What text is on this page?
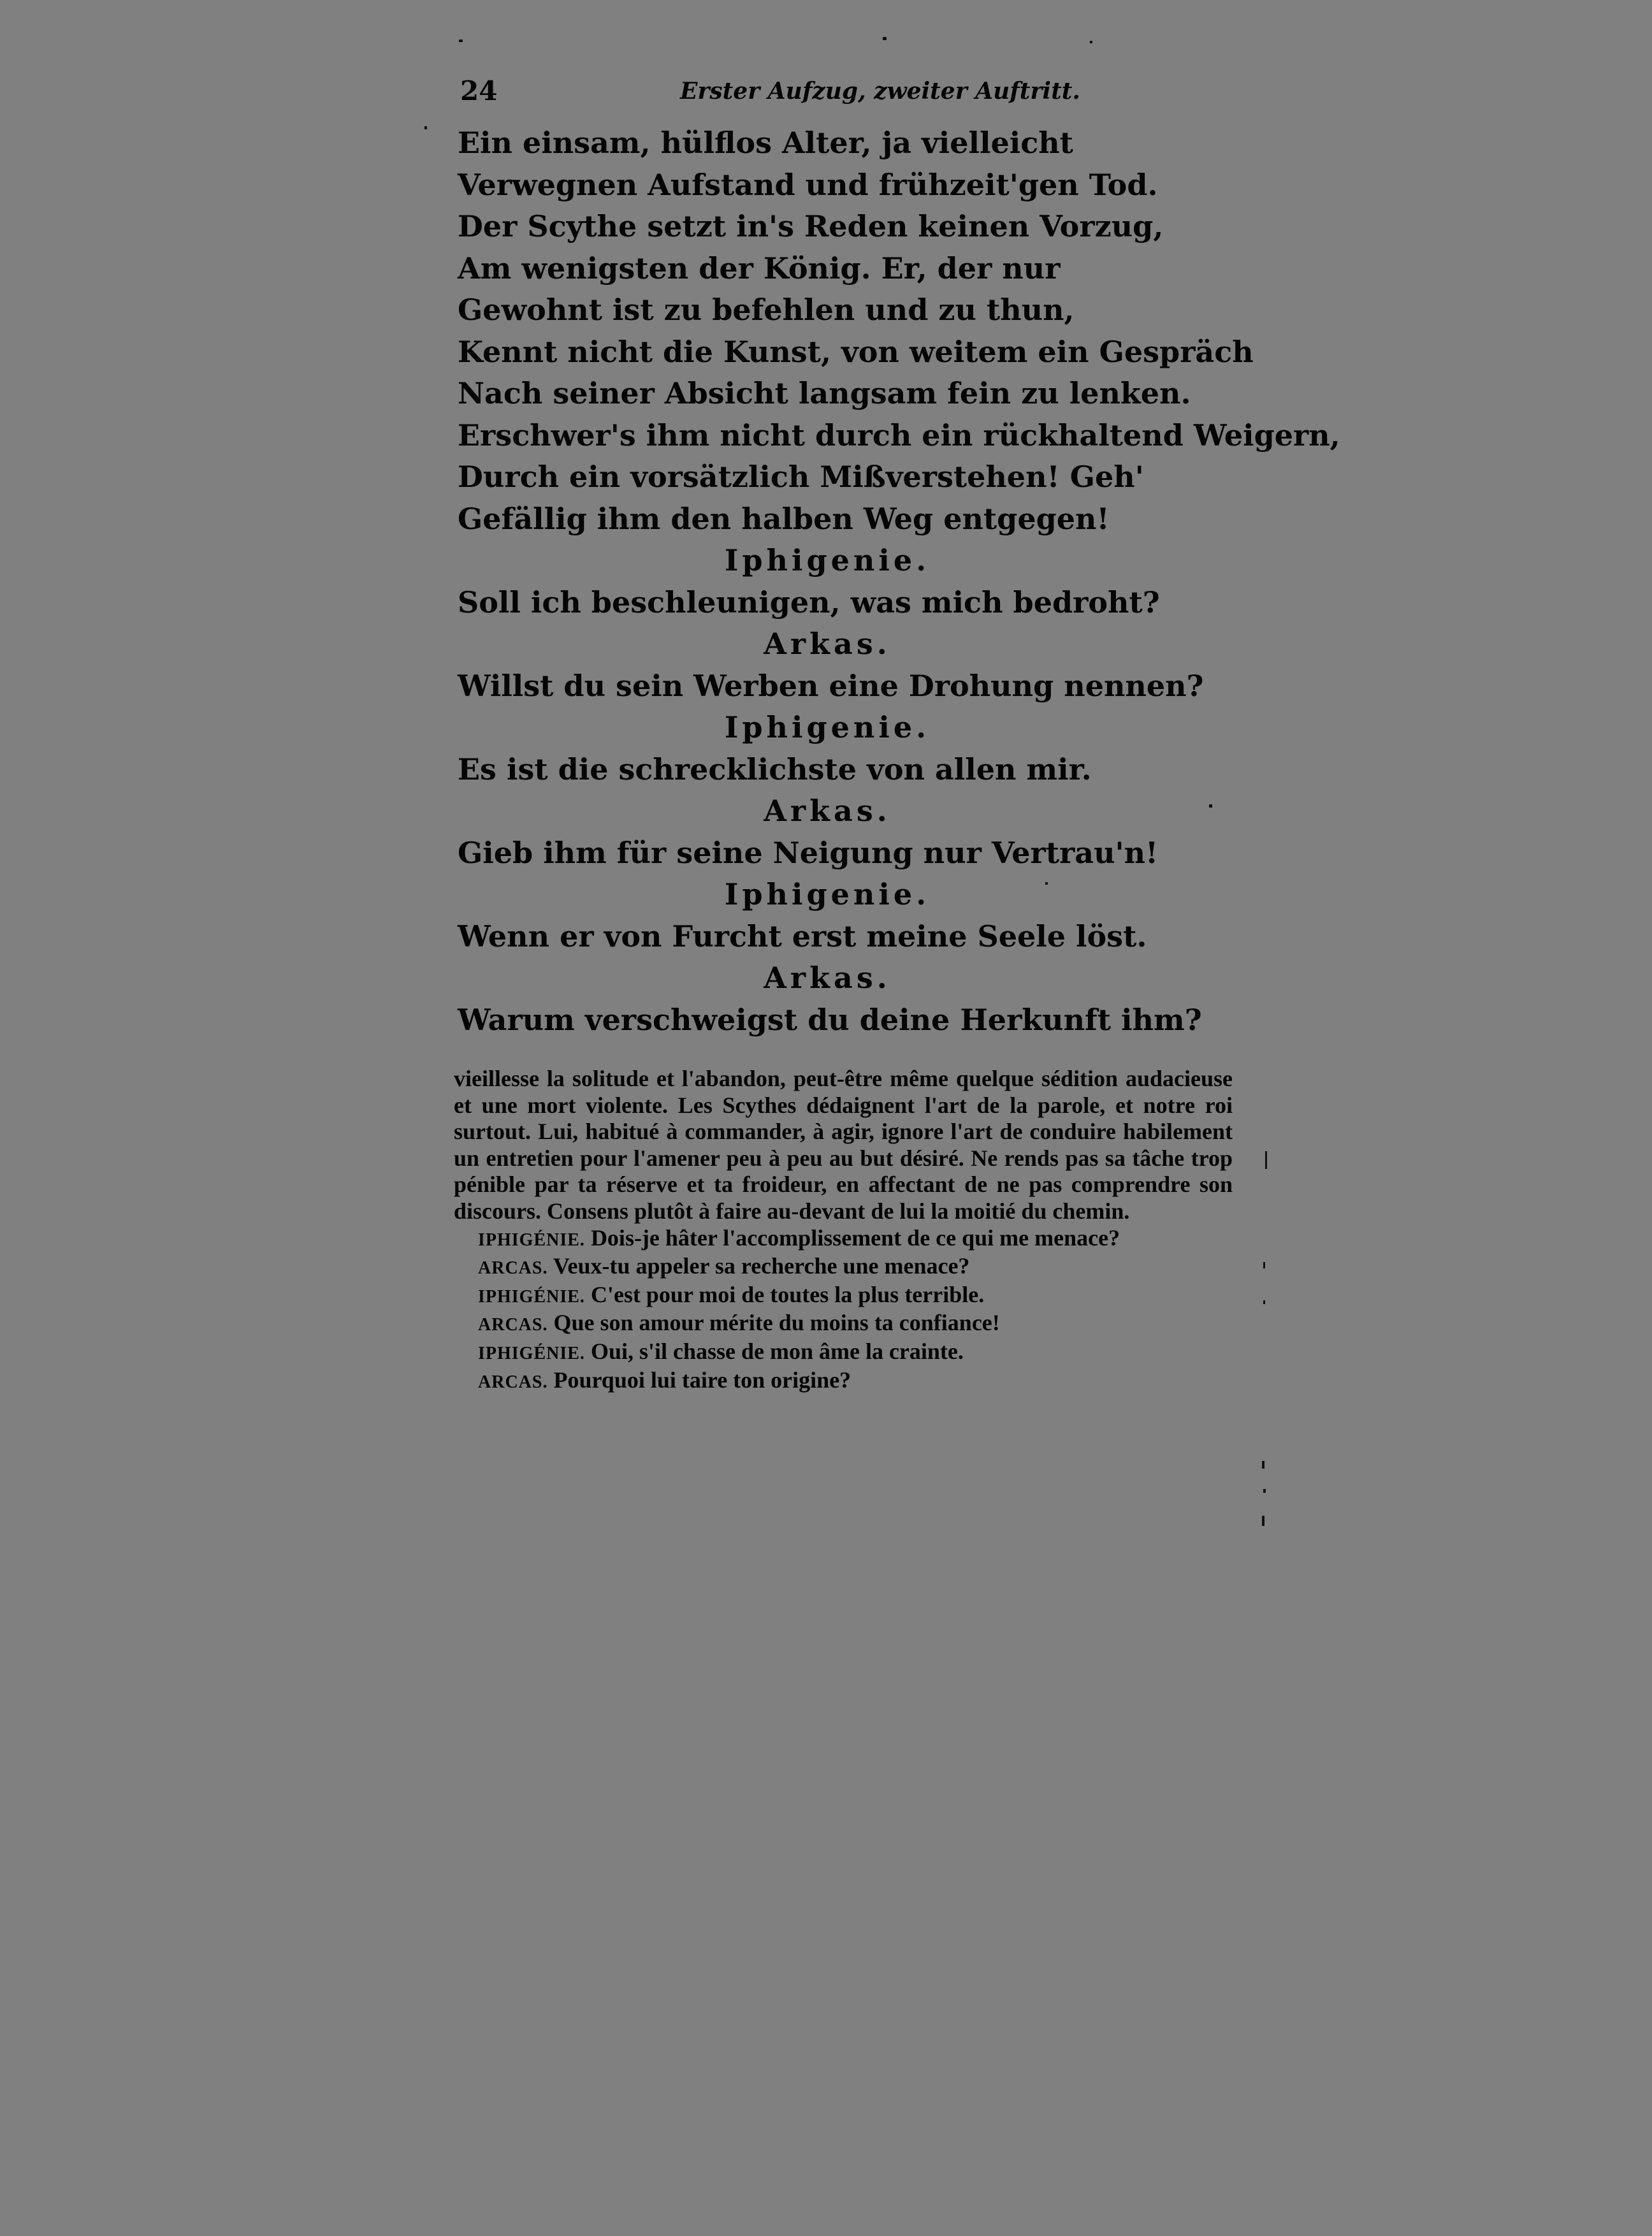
24	Erster Aufzug, zweiter Auftritt.
Ein einsam, hülflos Alter, ja vielleicht
Verwegnen Aufstand und frühzeit'gen Tod.
Der Scythe setzt in's Reden keinen Vorzug,
Am wenigsten der König. Er, der nur
Gewohnt ist zu befehlen und zu thun,
Kennt nicht die Kunst, von weitem ein Gespräch
Nach seiner Absicht langsam fein zu lenken.
Erschwer's ihm nicht durch ein rückhaltend Weigern,
Durch ein vorsätzlich Mißverstehen! Geh'
Gefällig ihm den halben Weg entgegen!
Iphigenie.
Soll ich beschleunigen, was mich bedroht?
Arkas.
Willst du sein Werben eine Drohung nennen?
Iphigenie.
Es ist die schrecklichste von allen mir.
Arkas.
Gieb ihm für seine Neigung nur Vertrau'n!
Iphigenie.
Wenn er von Furcht erst meine Seele löst.
Arkas.
Warum verschweigst du deine Herkunft ihm?

vieillesse la solitude et l'abandon, peut-être même quelque sédition audacieuse et une mort violente. Les Scythes dédaignent l'art de la parole, et notre roi surtout. Lui, habitué à commander, à agir, ignore l'art de conduire habilement un entretien pour l'amener peu à peu au but désiré. Ne rends pas sa tâche trop pénible par ta réserve et ta froideur, en affectant de ne pas comprendre son discours. Consens plutôt à faire au-devant de lui la moitié du chemin.

IPHIGÉNIE. Dois-je hâter l'accomplissement de ce qui me menace?

ARCAS. Veux-tu appeler sa recherche une menace?

IPHIGÉNIE. C'est pour moi de toutes la plus terrible.

ARCAS. Que son amour mérite du moins ta confiance!

IPHIGÉNIE. Oui, s'il chasse de mon âme la crainte.

ARCAS. Pourquoi lui taire ton origine?
